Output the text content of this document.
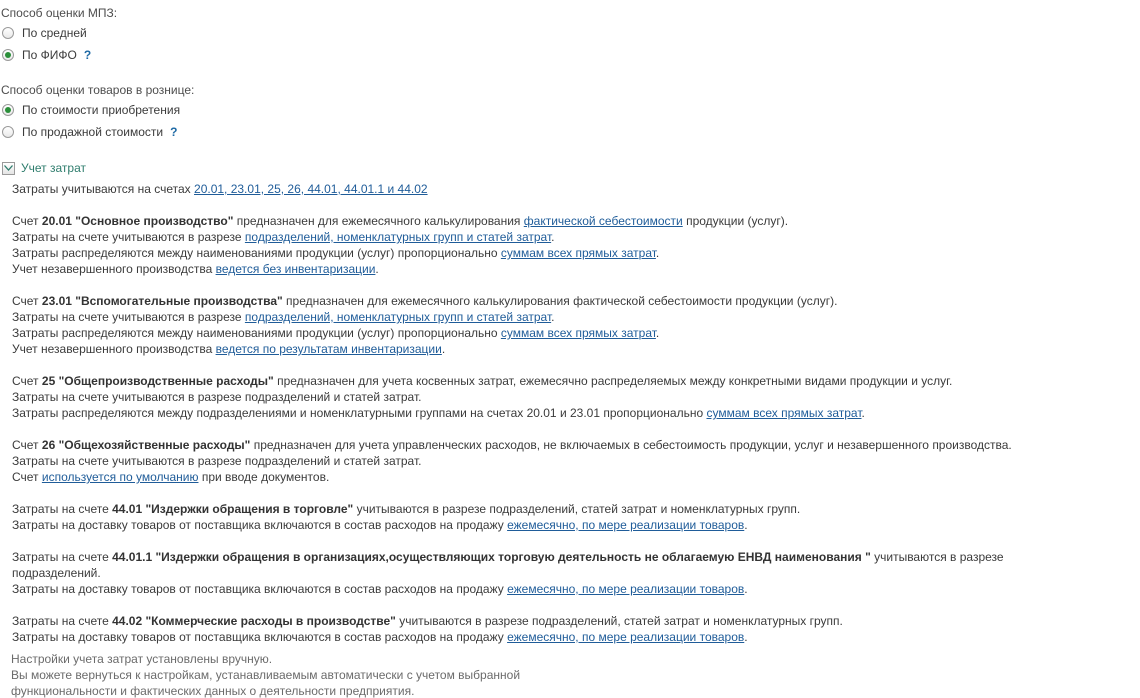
Способ оценки МПЗ:
По средней
По ФИФО ?
Способ оценки товаров в рознице:
По стоимости приобретения
По продажной стоимости ?
Учет затрат
Затраты учитываются на счетах 20.01, 23.01, 25, 26, 44.01, 44.01.1 и 44.02
Счет 20.01 "Основное производство" предназначен для ежемесячного калькулирования фактической себестоимости продукции (услуг).
Затраты на счете учитываются в разрезе подразделений, номенклатурных групп и статей затрат.
Затраты распределяются между наименованиями продукции (услуг) пропорционально суммам всех прямых затрат.
Учет незавершенного производства ведется без инвентаризации.
Счет 23.01 "Вспомогательные производства" предназначен для ежемесячного калькулирования фактической себестоимости продукции (услуг).
Затраты на счете учитываются в разрезе подразделений, номенклатурных групп и статей затрат.
Затраты распределяются между наименованиями продукции (услуг) пропорционально суммам всех прямых затрат.
Учет незавершенного производства ведется по результатам инвентаризации.
Счет 25 "Общепроизводственные расходы" предназначен для учета косвенных затрат, ежемесячно распределяемых между конкретными видами продукции и услуг.
Затраты на счете учитываются в разрезе подразделений и статей затрат.
Затраты распределяются между подразделениями и номенклатурными группами на счетах 20.01 и 23.01 пропорционально суммам всех прямых затрат.
Счет 26 "Общехозяйственные расходы" предназначен для учета управленческих расходов, не включаемых в себестоимость продукции, услуг и незавершенного производства.
Затраты на счете учитываются в разрезе подразделений и статей затрат.
Счет используется по умолчанию при вводе документов.
Затраты на счете 44.01 "Издержки обращения в торговле" учитываются в разрезе подразделений, статей затрат и номенклатурных групп.
Затраты на доставку товаров от поставщика включаются в состав расходов на продажу ежемесячно, по мере реализации товаров.
Затраты на счете 44.01.1 "Издержки обращения в организациях,осуществляющих торговую деятельность не облагаемую ЕНВД наименования " учитываются в разрезе
подразделений.
Затраты на доставку товаров от поставщика включаются в состав расходов на продажу ежемесячно, по мере реализации товаров.
Затраты на счете 44.02 "Коммерческие расходы в производстве" учитываются в разрезе подразделений, статей затрат и номенклатурных групп.
Затраты на доставку товаров от поставщика включаются в состав расходов на продажу ежемесячно, по мере реализации товаров.
Настройки учета затрат установлены вручную.
Вы можете вернуться к настройкам, устанавливаемым автоматически с учетом выбранной
функциональности и фактических данных о деятельности предприятия.
